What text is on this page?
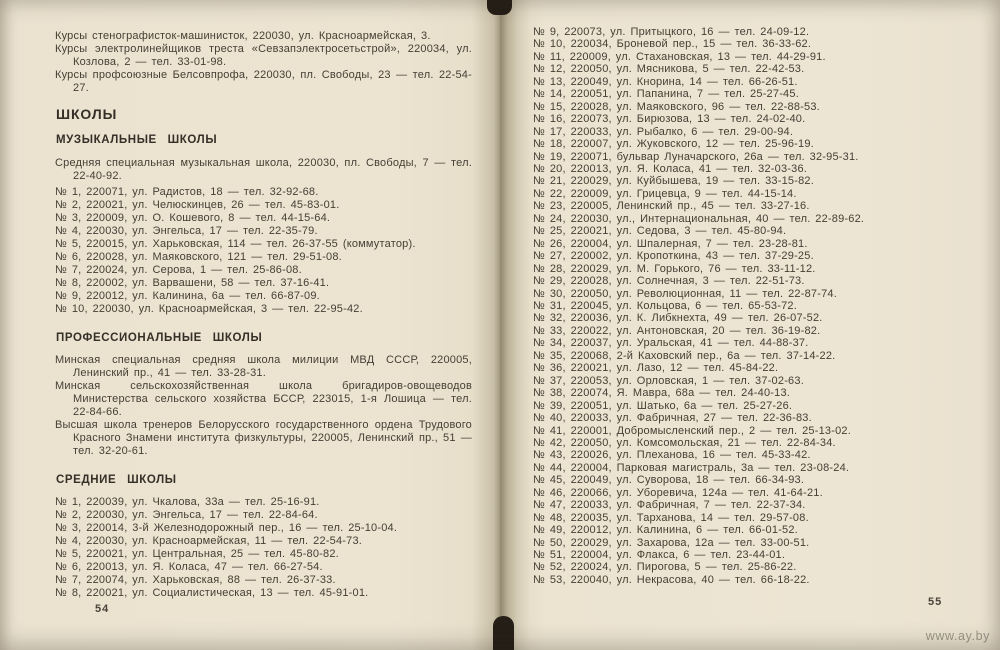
Курсы стенографисток-машинисток, 220030, ул. Красноармейская, 3.

Курсы электролинейщиков треста «Севзапэлектросетьстрой», 220034, ул. Козлова, 2 — тел. 33-01-98.

Курсы профсоюзные Белсовпрофа, 220030, пл. Свободы, 23 — тел. 22-54-27.

ШКОЛЫ
МУЗЫКАЛЬНЫЕ ШКОЛЫ

Средняя специальная музыкальная школа, 220030, пл. Свободы, 7 — тел. 22-40-92.

№ 1, 220071, ул. Радистов, 18 — тел. 32-92-68.

№ 2, 220021, ул. Челюскинцев, 26 — тел. 45-83-01.

№ 3, 220009, ул. О. Кошевого, 8 — тел. 44-15-64.

№ 4, 220030, ул. Энгельса, 17 — тел. 22-35-79.

№ 5, 220015, ул. Харьковская, 114 — тел. 26-37-55 (коммутатор).

№ 6, 220028, ул. Маяковского, 121 — тел. 29-51-08.

№ 7, 220024, ул. Серова, 1 — тел. 25-86-08.

№ 8, 220002, ул. Варвашени, 58 — тел. 37-16-41.

№ 9, 220012, ул. Калинина, 6а — тел. 66-87-09.

№ 10, 220030, ул. Красноармейская, 3 — тел. 22-95-42.

ПРОФЕССИОНАЛЬНЫЕ ШКОЛЫ

Минская специальная средняя школа милиции МВД СССР, 220005, Ленинский пр., 41 — тел. 33-28-31.

Минская сельскохозяйственная школа бригадиров-овощеводов Министерства сельского хозяйства БССР, 223015, 1-я Лошица — тел. 22-84-66.

Высшая школа тренеров Белорусского государственного ордена Трудового Красного Знамени института физкультуры, 220005, Ленинский пр., 51 — тел. 32-20-61.

СРЕДНИЕ ШКОЛЫ

№ 1, 220039, ул. Чкалова, 33а — тел. 25-16-91.

№ 2, 220030, ул. Энгельса, 17 — тел. 22-84-64.

№ 3, 220014, 3-й Железнодорожный пер., 16 — тел. 25-10-04.

№ 4, 220030, ул. Красноармейская, 11 — тел. 22-54-73.

№ 5, 220021, ул. Центральная, 25 — тел. 45-80-82.

№ 6, 220013, ул. Я. Коласа, 47 — тел. 66-27-54.

№ 7, 220074, ул. Харьковская, 88 — тел. 26-37-33.

№ 8, 220021, ул. Социалистическая, 13 — тел. 45-91-01.

54

№ 9, 220073, ул. Притыцкого, 16 — тел. 24-09-12.

№ 10, 220034, Броневой пер., 15 — тел. 36-33-62.

№ 11, 220009, ул. Стахановская, 13 — тел. 44-29-91.

№ 12, 220050, ул. Мясникова, 5 — тел. 22-42-53.

№ 13, 220049, ул. Кнорина, 14 — тел. 66-26-51.

№ 14, 220051, ул. Папанина, 7 — тел. 25-27-45.

№ 15, 220028, ул. Маяковского, 96 — тел. 22-88-53.

№ 16, 220073, ул. Бирюзова, 13 — тел. 24-02-40.

№ 17, 220033, ул. Рыбалко, 6 — тел. 29-00-94.

№ 18, 220007, ул. Жуковского, 12 — тел. 25-96-19.

№ 19, 220071, бульвар Луначарского, 26а — тел. 32-95-31.

№ 20, 220013, ул. Я. Коласа, 41 — тел. 32-03-36.

№ 21, 220029, ул. Куйбышева, 19 — тел. 33-15-82.

№ 22, 220009, ул. Грицевца, 9 — тел. 44-15-14.

№ 23, 220005, Ленинский пр., 45 — тел. 33-27-16.

№ 24, 220030, ул., Интернациональная, 40 — тел. 22-89-62.

№ 25, 220021, ул. Седова, 3 — тел. 45-80-94.

№ 26, 220004, ул. Шпалерная, 7 — тел. 23-28-81.

№ 27, 220002, ул. Кропоткина, 43 — тел. 37-29-25.

№ 28, 220029, ул. М. Горького, 76 — тел. 33-11-12.

№ 29, 220028, ул. Солнечная, 3 — тел. 22-51-73.

№ 30, 220050, ул. Революционная, 11 — тел. 22-87-74.

№ 31, 220045, ул. Кольцова, 6 — тел. 65-53-72.

№ 32, 220036, ул. К. Либкнехта, 49 — тел. 26-07-52.

№ 33, 220022, ул. Антоновская, 20 — тел. 36-19-82.

№ 34, 220037, ул. Уральская, 41 — тел. 44-88-37.

№ 35, 220068, 2-й Каховский пер., 6а — тел. 37-14-22.

№ 36, 220021, ул. Лазо, 12 — тел. 45-84-22.

№ 37, 220053, ул. Орловская, 1 — тел. 37-02-63.

№ 38, 220074, Я. Мавра, 68а — тел. 24-40-13.

№ 39, 220051, ул. Шатько, 6а — тел. 25-27-26.

№ 40, 220033, ул. Фабричная, 27 — тел. 22-36-83.

№ 41, 220001, Добромысленский пер., 2 — тел. 25-13-02.

№ 42, 220050, ул. Комсомольская, 21 — тел. 22-84-34.

№ 43, 220026, ул. Плеханова, 16 — тел. 45-33-42.

№ 44, 220004, Парковая магистраль, 3а — тел. 23-08-24.

№ 45, 220049, ул. Суворова, 18 — тел. 66-34-93.

№ 46, 220066, ул. Уборевича, 124а — тел. 41-64-21.

№ 47, 220033, ул. Фабричная, 7 — тел. 22-37-34.

№ 48, 220035, ул. Тарханова, 14 — тел. 29-57-08.

№ 49, 220012, ул. Калинина, 6 — тел. 66-01-52.

№ 50, 220029, ул. Захарова, 12а — тел. 33-00-51.

№ 51, 220004, ул. Флакса, 6 — тел. 23-44-01.

№ 52, 220024, ул. Пирогова, 5 — тел. 25-86-22.

№ 53, 220040, ул. Некрасова, 40 — тел. 66-18-22.

55
www.ay.by
